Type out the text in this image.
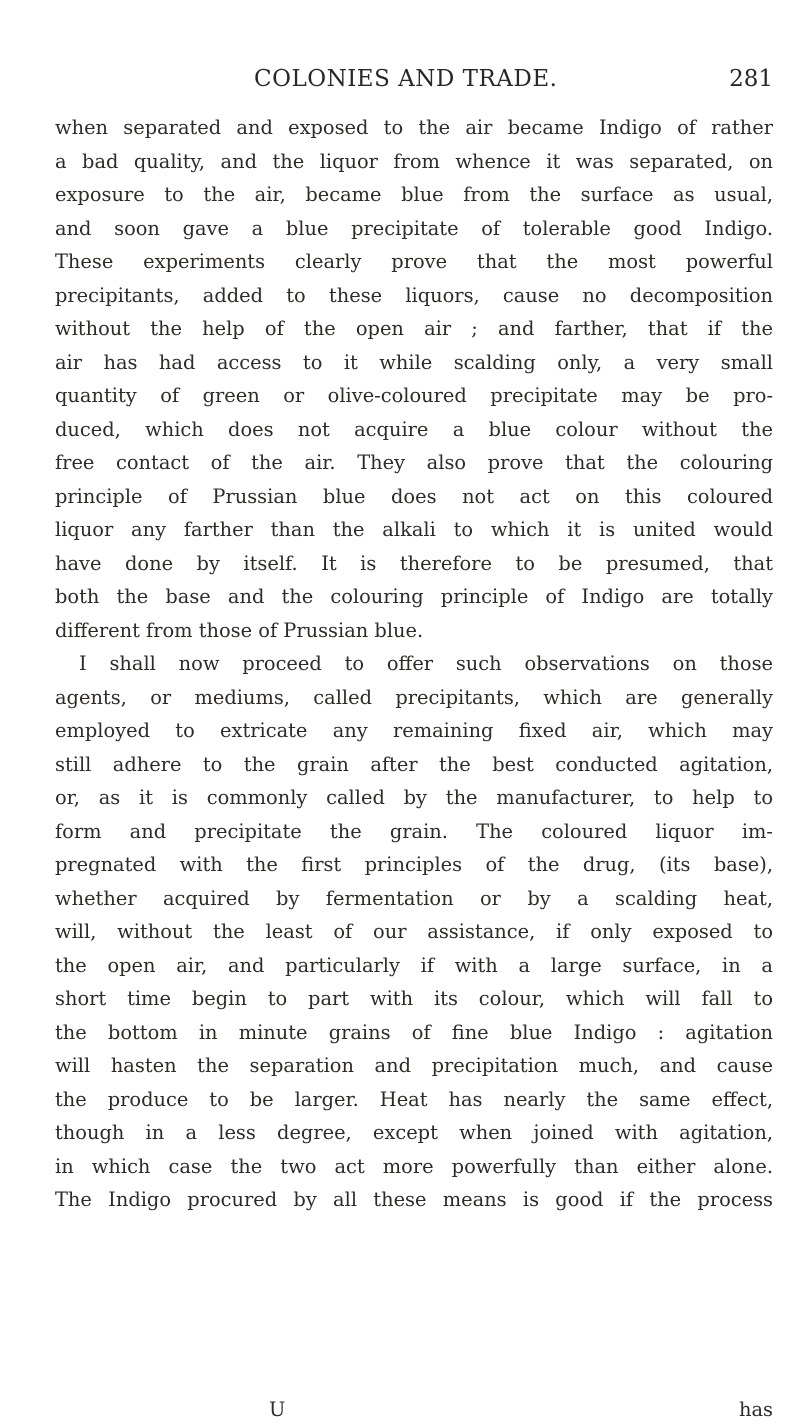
COLONIES AND TRADE.	281
when separated and exposed to the air became Indigo of rather
a bad quality, and the liquor from whence it was separated, on
exposure to the air, became blue from the surface as usual,
and soon gave a blue precipitate of tolerable good Indigo.
These experiments clearly prove that the most powerful
precipitants, added to these liquors, cause no decomposition
without the help of the open air ; and farther, that if the
air has had access to it while scalding only, a very small
quantity of green or olive-coloured precipitate may be pro-
duced, which does not acquire a blue colour without the
free contact of the air. They also prove that the colouring
principle of Prussian blue does not act on this coloured
liquor any farther than the alkali to which it is united would
have done by itself. It is therefore to be presumed, that
both the base and the colouring principle of Indigo are totally
different from those of Prussian blue.
I shall now proceed to offer such observations on those
agents, or mediums, called precipitants, which are generally
employed to extricate any remaining fixed air, which may
still adhere to the grain after the best conducted agitation,
or, as it is commonly called by the manufacturer, to help to
form and precipitate the grain. The coloured liquor im-
pregnated with the first principles of the drug, (its base),
whether acquired by fermentation or by a scalding heat,
will, without the least of our assistance, if only exposed to
the open air, and particularly if with a large surface, in a
short time begin to part with its colour, which will fall to
the bottom in minute grains of fine blue Indigo : agitation
will hasten the separation and precipitation much, and cause
the produce to be larger. Heat has nearly the same effect,
though in a less degree, except when joined with agitation,
in which case the two act more powerfully than either alone.
The Indigo procured by all these means is good if the process
U	has
